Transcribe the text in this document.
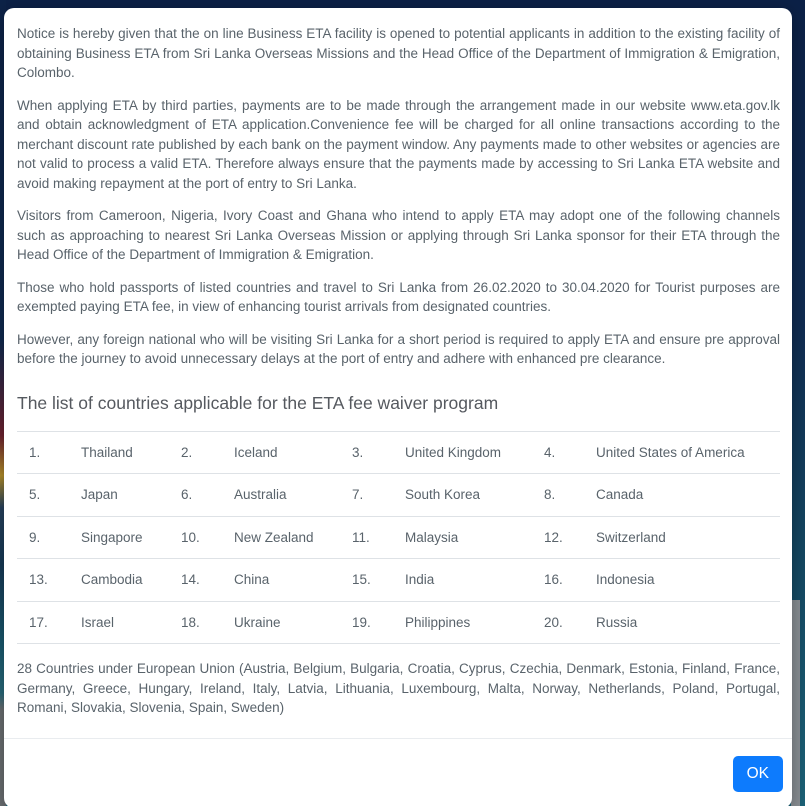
Notice is hereby given that the on line Business ETA facility is opened to potential applicants in addition to the existing facility of obtaining Business ETA from Sri Lanka Overseas Missions and the Head Office of the Department of Immigration & Emigration, Colombo.

When applying ETA by third parties, payments are to be made through the arrangement made in our website www.eta.gov.lk and obtain acknowledgment of ETA application.Convenience fee will be charged for all online transactions according to the merchant discount rate published by each bank on the payment window. Any payments made to other websites or agencies are not valid to process a valid ETA. Therefore always ensure that the payments made by accessing to Sri Lanka ETA website and avoid making repayment at the port of entry to Sri Lanka.

Visitors from Cameroon, Nigeria, Ivory Coast and Ghana who intend to apply ETA may adopt one of the following channels such as approaching to nearest Sri Lanka Overseas Mission or applying through Sri Lanka sponsor for their ETA through the Head Office of the Department of Immigration & Emigration.

Those who hold passports of listed countries and travel to Sri Lanka from 26.02.2020 to 30.04.2020 for Tourist purposes are exempted paying ETA fee, in view of enhancing tourist arrivals from designated countries.

However, any foreign national who will be visiting Sri Lanka for a short period is required to apply ETA and ensure pre approval before the journey to avoid unnecessary delays at the port of entry and adhere with enhanced pre clearance.

The list of countries applicable for the ETA fee waiver program
1.	Thailand	2.	Iceland	3.	United Kingdom	4.	United States of America
5.	Japan	6.	Australia	7.	South Korea	8.	Canada
9.	Singapore	10.	New Zealand	11.	Malaysia	12.	Switzerland
13.	Cambodia	14.	China	15.	India	16.	Indonesia
17.	Israel	18.	Ukraine	19.	Philippines	20.	Russia

28 Countries under European Union (Austria, Belgium, Bulgaria, Croatia, Cyprus, Czechia, Denmark, Estonia, Finland, France, Germany, Greece, Hungary, Ireland, Italy, Latvia, Lithuania, Luxembourg, Malta, Norway, Netherlands, Poland, Portugal, Romani, Slovakia, Slovenia, Spain, Sweden)

OK
